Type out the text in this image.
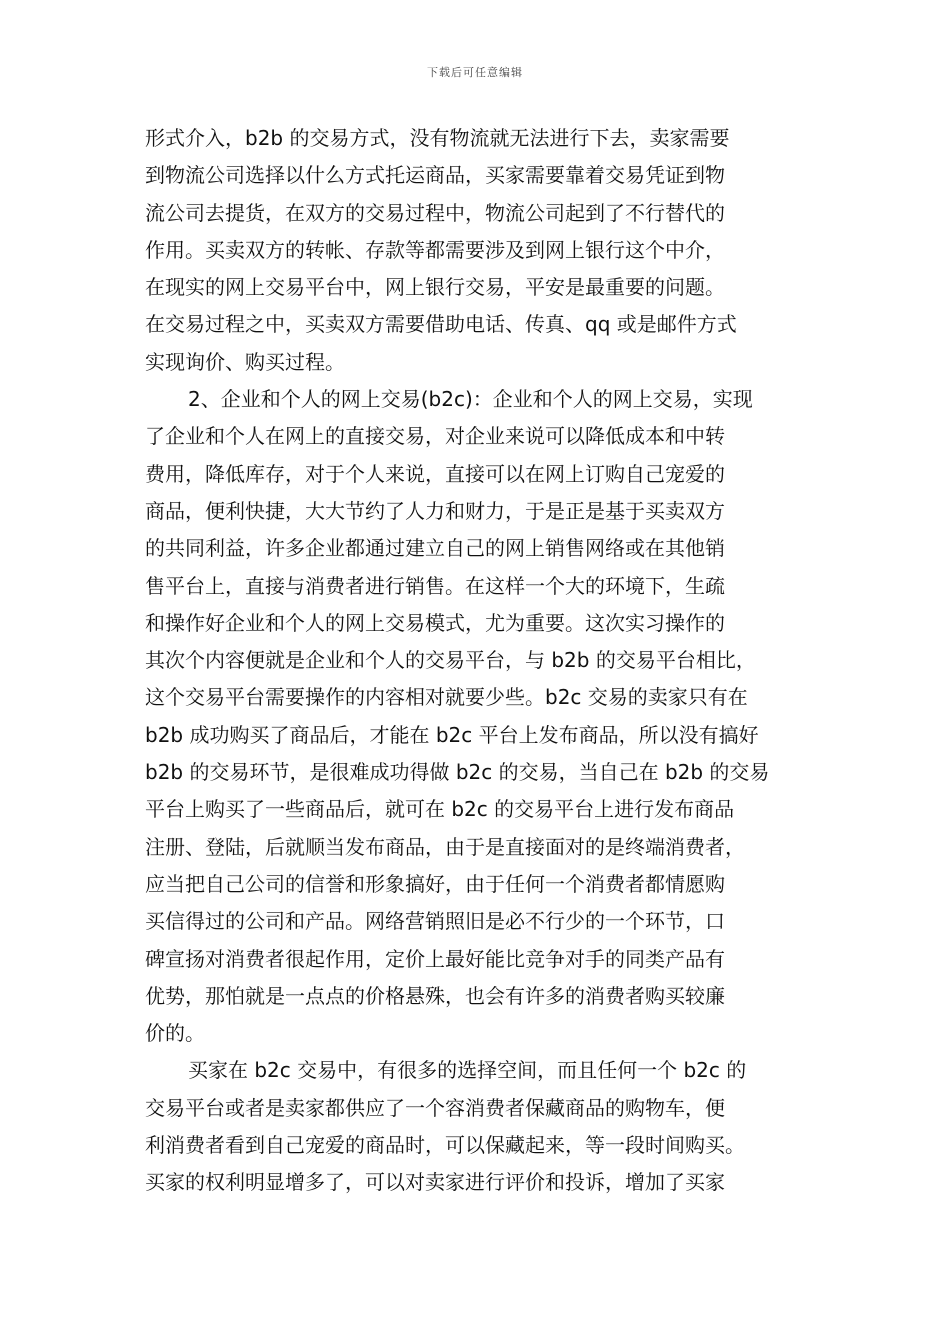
下载后可任意编辑
形式介入，b2b 的交易方式，没有物流就无法进行下去，卖家需要
到物流公司选择以什么方式托运商品，买家需要靠着交易凭证到物
流公司去提货，在双方的交易过程中，物流公司起到了不行替代的
作用。买卖双方的转帐、存款等都需要涉及到网上银行这个中介，
在现实的网上交易平台中，网上银行交易，平安是最重要的问题。
在交易过程之中，买卖双方需要借助电话、传真、qq 或是邮件方式
实现询价、购买过程。
2、企业和个人的网上交易(b2c)：企业和个人的网上交易，实现
了企业和个人在网上的直接交易，对企业来说可以降低成本和中转
费用，降低库存，对于个人来说，直接可以在网上订购自己宠爱的
商品，便利快捷，大大节约了人力和财力，于是正是基于买卖双方
的共同利益，许多企业都通过建立自己的网上销售网络或在其他销
售平台上，直接与消费者进行销售。在这样一个大的环境下，生疏
和操作好企业和个人的网上交易模式，尤为重要。这次实习操作的
其次个内容便就是企业和个人的交易平台，与 b2b 的交易平台相比，
这个交易平台需要操作的内容相对就要少些。b2c 交易的卖家只有在
b2b 成功购买了商品后，才能在 b2c 平台上发布商品，所以没有搞好
b2b 的交易环节，是很难成功得做 b2c 的交易，当自己在 b2b 的交易
平台上购买了一些商品后，就可在 b2c 的交易平台上进行发布商品
注册、登陆，后就顺当发布商品，由于是直接面对的是终端消费者，
应当把自己公司的信誉和形象搞好，由于任何一个消费者都情愿购
买信得过的公司和产品。网络营销照旧是必不行少的一个环节，口
碑宣扬对消费者很起作用，定价上最好能比竞争对手的同类产品有
优势，那怕就是一点点的价格悬殊，也会有许多的消费者购买较廉
价的。
买家在 b2c 交易中，有很多的选择空间，而且任何一个 b2c 的
交易平台或者是卖家都供应了一个容消费者保藏商品的购物车，便
利消费者看到自己宠爱的商品时，可以保藏起来，等一段时间购买。
买家的权利明显增多了，可以对卖家进行评价和投诉，增加了买家
